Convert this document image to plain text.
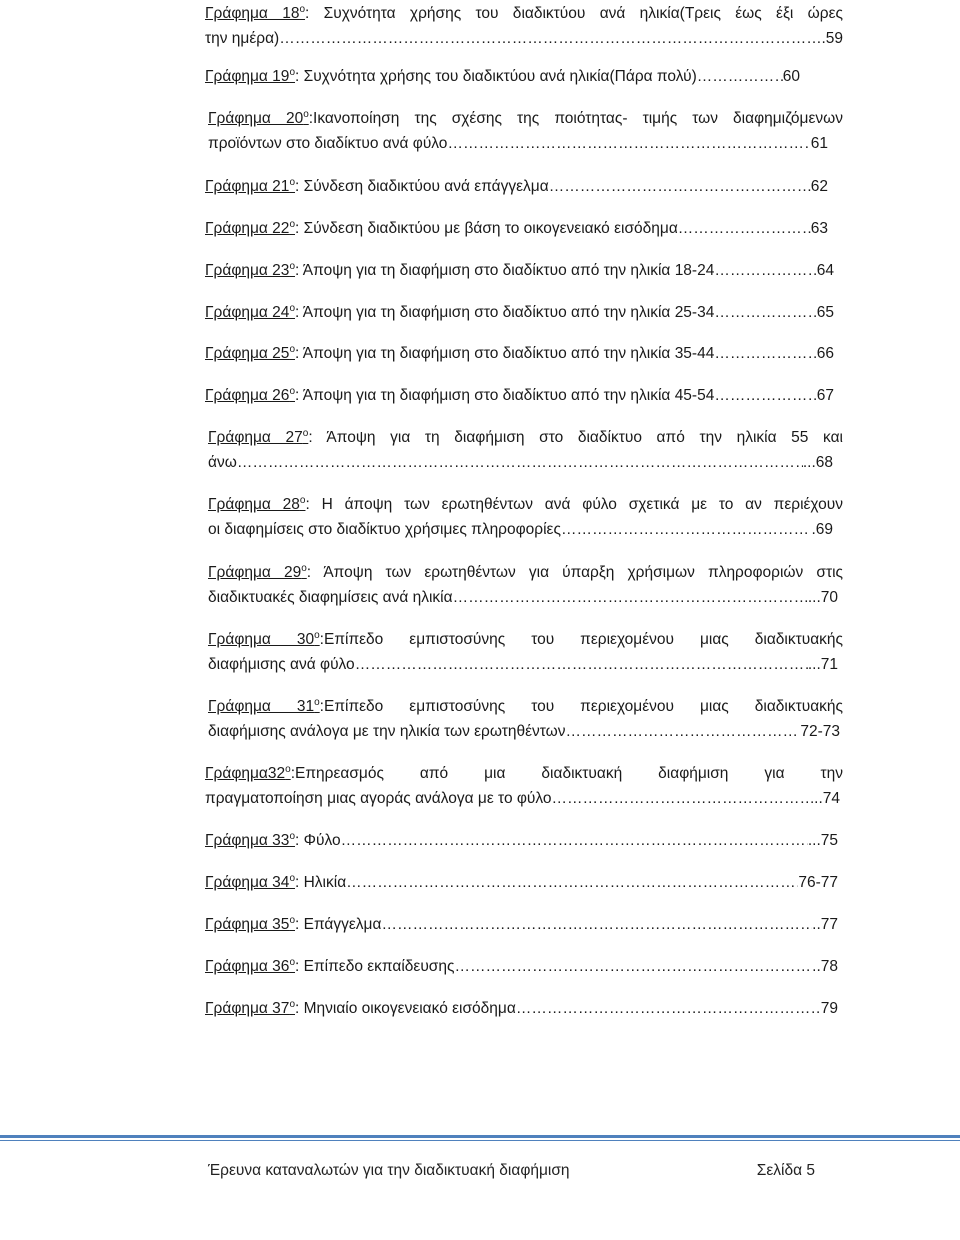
Γράφημα $18^o$: Συχνότητα χρήσης του διαδικτύου ανά ηλικία(Τρεις έως έξι ώρες
την ημέρα) …………………………………………………………………………………………………………………………	.59
Γράφημα $19^o$ : Συχνότητα χρήσης του διαδικτύου ανά ηλικία(Πάρα πολύ) …………………………………………………………………………………………………………………………	60
Γράφημα $20^o:I\kappa\alpha\nu o\pi oί\eta\sigma\eta$ της σχέσης της ποιότητας- τιμής των διαφημιζόμενων
προϊόντων στο διαδίκτυο ανά φύλο …………………………………………………………………………………………………………………………	61
Γράφημα $21^o$ : Σύνδεση διαδικτύου ανά επάγγελμα …………………………………………………………………………………………………………………………	62
Γράφημα $22^o$ : Σύνδεση διαδικτύου με βάση το οικογενειακό εισόδημα …………………………………………………………………………………………………………………………	63
Γράφημα $23^o$ : Άποψη για τη διαφήμιση στο διαδίκτυο από την ηλικία 18-24 …………………………………………………………………………………………………………………………	64
Γράφημα $24^o$ : Άποψη για τη διαφήμιση στο διαδίκτυο από την ηλικία 25-34 …………………………………………………………………………………………………………………………	65
Γράφημα $25^o$ : Άποψη για τη διαφήμιση στο διαδίκτυο από την ηλικία 35-44 …………………………………………………………………………………………………………………………	66
Γράφημα $26^o$ : Άποψη για τη διαφήμιση στο διαδίκτυο από την ηλικία 45-54 …………………………………………………………………………………………………………………………	67
Γράφημα $27^o$: Άποψη για τη διαφήμιση στο διαδίκτυο από την ηλικία 55 και
άνω …………………………………………………………………………………………………………………………	...68
Γράφημα $28^o$: Η άποψη των ερωτηθέντων ανά φύλο σχετικά με το αν περιέχουν
οι διαφημίσεις στο διαδίκτυο χρήσιμες πληροφορίες …………………………………………………………………………………………………………………………	.69
Γράφημα $29^o$: Άποψη των ερωτηθέντων για ύπαρξη χρήσιμων πληροφοριών στις
διαδικτυακές διαφημίσεις ανά ηλικία …………………………………………………………………………………………………………………………	...70
Γράφημα $30^o:E\pi ί\pi\varepsilon\delta o$ εμπιστοσύνης του περιεχομένου μιας διαδικτυακής
διαφήμισης ανά φύλο …………………………………………………………………………………………………………………………	...71
Γράφημα $31^o:E\pi ί\pi\varepsilon\delta o$ εμπιστοσύνης του περιεχομένου μιας διαδικτυακής
διαφήμισης ανάλογα με την ηλικία των ερωτηθέντων …………………………………………………………………………………………………………………………	72-73
$\Gamma\rho ά\varphi\eta\mu\alpha 32^o:E\pi\eta\rho\varepsilon\alpha\sigma\mu ό\varsigma$ από μια διαδικτυακή διαφήμιση για την
πραγματοποίηση μιας αγοράς ανάλογα με το φύλο …………………………………………………………………………………………………………………………	..74
Γράφημα $33^o$ : Φύλο …………………………………………………………………………………………………………………………	...75
Γράφημα $34^o$ : Ηλικία …………………………………………………………………………………………………………………………	76-77
Γράφημα $35^o$ : Επάγγελμα …………………………………………………………………………………………………………………………	..77
Γράφημα $36^o$ : Επίπεδο εκπαίδευσης …………………………………………………………………………………………………………………………	..78
Γράφημα $37^o$ : Μηνιαίο οικογενειακό εισόδημα …………………………………………………………………………………………………………………………	79
Έρευνα καταναλωτών για την διαδικτυακή διαφήμιση	Σελίδα 5
